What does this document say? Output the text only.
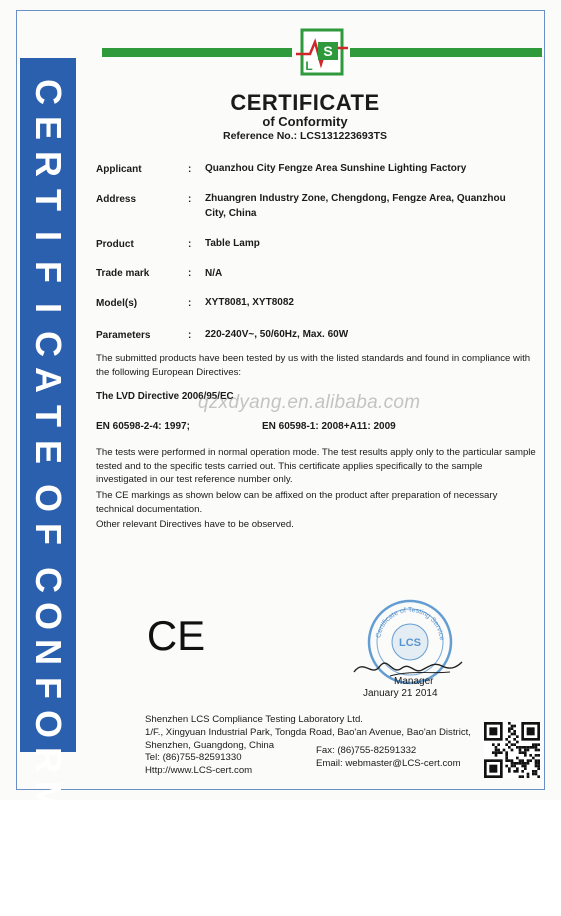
C
E
R
T
I
F
I
C
A
T
E

O
F

C
O
N
F
O
R
M
I
T
Y
S
L
CERTIFICATE
of Conformity
Reference No.: LCS131223693TS
Applicant	: Quanzhou City Fengze Area Sunshine Lighting Factory
Address	: Zhuangren Industry Zone, Chengdong, Fengze Area, Quanzhou City, China
Product	: Table Lamp
Trade mark	: N/A
Model(s)	: XYT8081, XYT8082
Parameters	: 220-240V~, 50/60Hz, Max. 60W
The submitted products have been tested by us with the listed standards and found in compliance with the following European Directives:
The LVD Directive 2006/95/EC
qzxdyang.en.alibaba.com
EN 60598-2-4: 1997;	EN 60598-1: 2008+A11: 2009
The tests were performed in normal operation mode. The test results apply only to the particular sample tested and to the specific tests carried out. This certificate applies specifically to the sample investigated in our test reference number only.
The CE markings as shown below can be affixed on the product after preparation of necessary technical documentation.
Other relevant Directives have to be observed.
CE	Certificate of Testing Service
LCS
Manager
January 21 2014
Shenzhen LCS Compliance Testing Laboratory Ltd.
1/F., Xingyuan Industrial Park, Tongda Road, Bao'an Avenue, Bao'an District,
Shenzhen, Guangdong, China
Tel: (86)755-82591330
Fax: (86)755-82591332
Http://www.LCS-cert.com
Email: webmaster@LCS-cert.com
